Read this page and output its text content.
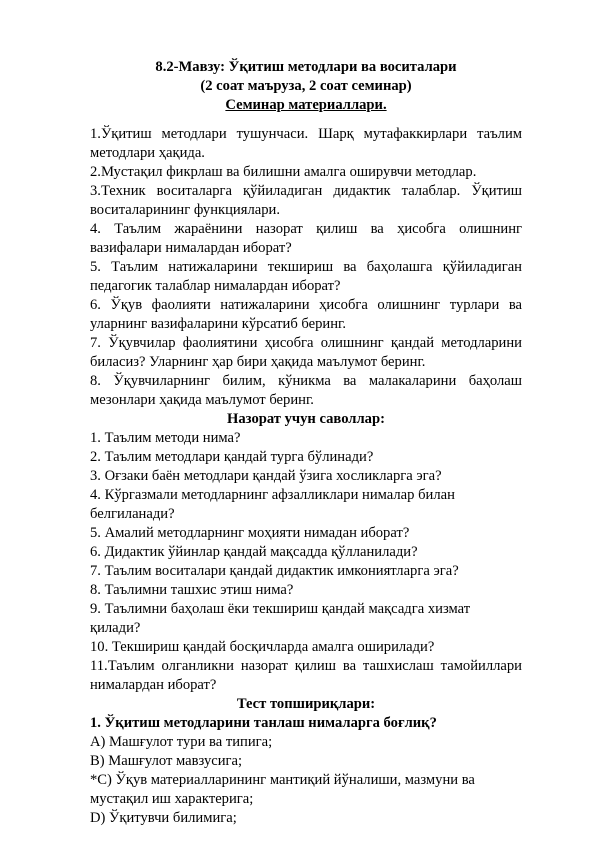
8.2-Мавзу: Ўқитиш методлари ва воситалари
(2 соат маъруза, 2 соат семинар)
Семинар материаллари.

1.Ўқитиш методлари тушунчаси. Шарқ мутафаккирлари таълим методлари ҳақида.

2.Мустақил фикрлаш ва билишни амалга оширувчи методлар.

3.Техник воситаларга қўйиладиган дидактик талаблар. Ўқитиш воситаларининг функциялари.

4. Таълим жараёнини назорат қилиш ва ҳисобга олишнинг вазифалари нималардан иборат?

5. Таълим натижаларини текшириш ва баҳолашга қўйиладиган педагогик талаблар нималардан иборат?

6. Ўқув фаолияти натижаларини ҳисобга олишнинг турлари ва уларнинг вазифаларини кўрсатиб беринг.

7. Ўқувчилар фаолиятини ҳисобга олишнинг қандай методларини биласиз? Уларнинг ҳар бири ҳақида маълумот беринг.

8. Ўқувчиларнинг билим, кўникма ва малакаларини баҳолаш мезонлари ҳақида маълумот беринг.

Назорат учун саволлар:

1. Таълим методи нима?

2. Таълим методлари қандай турга бўлинади?

3. Оғзаки баён методлари қандай ўзига хосликларга эга?

4. Кўргазмали методларнинг афзалликлари нималар билан белгиланади?

5. Амалий методларнинг моҳияти нимадан иборат?

6. Дидактик ўйинлар қандай мақсадда қўлланилади?

7. Таълим воситалари қандай дидактик имкониятларга эга?

8. Таълимни ташхис этиш нима?

9. Таълимни баҳолаш ёки текшириш қандай мақсадга хизмат қилади?

10. Текшириш қандай босқичларда амалга оширилади?

11.Таълим олганликни назорат қилиш ва ташхислаш тамойиллари нималардан иборат?

Тест топшириқлари:
1. Ўқитиш методларини танлаш нималарга боғлиқ?
А) Машғулот тури ва типига;
В) Машғулот мавзусига;
*С) Ўқув материалларининг мантиқий йўналиши, мазмуни ва мустақил иш характерига;
D) Ўқитувчи билимига;
